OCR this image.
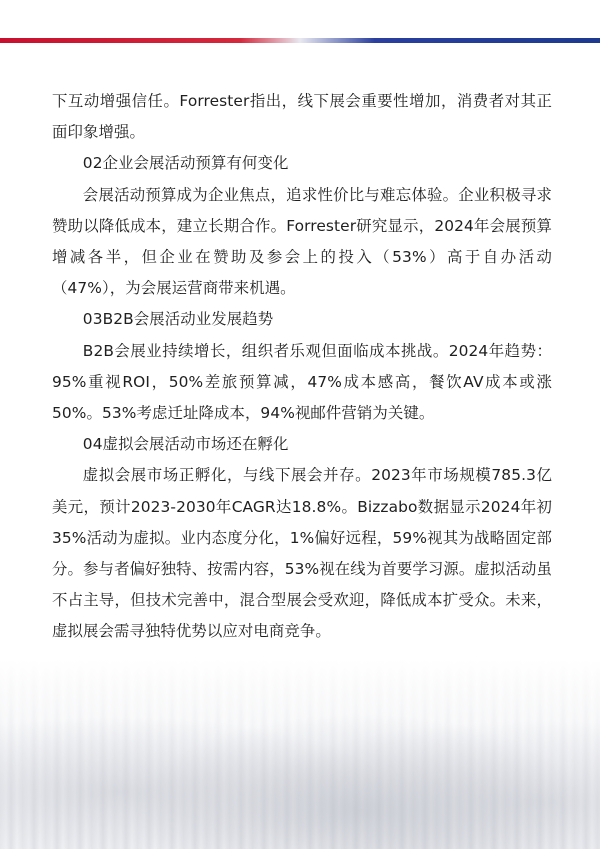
下互动增强信任。Forrester指出，线下展会重要性增加，消费者对其正面印象增强。

02企业会展活动预算有何变化

会展活动预算成为企业焦点，追求性价比与难忘体验。企业积极寻求赞助以降低成本，建立长期合作。Forrester研究显示，2024年会展预算增减各半，但企业在赞助及参会上的投入（53%）高于自办活动（47%），为会展运营商带来机遇。

03B2B会展活动业发展趋势

B2B会展业持续增长，组织者乐观但面临成本挑战。2024年趋势：95%重视ROI，50%差旅预算减，47%成本感高，餐饮AV成本或涨50%。53%考虑迁址降成本，94%视邮件营销为关键。

04虚拟会展活动市场还在孵化

虚拟会展市场正孵化，与线下展会并存。2023年市场规模785.3亿美元，预计2023-2030年CAGR达18.8%。Bizzabo数据显示2024年初35%活动为虚拟。业内态度分化，1%偏好远程，59%视其为战略固定部分。参与者偏好独特、按需内容，53%视在线为首要学习源。虚拟活动虽不占主导，但技术完善中，混合型展会受欢迎，降低成本扩受众。未来，虚拟展会需寻独特优势以应对电商竞争。
